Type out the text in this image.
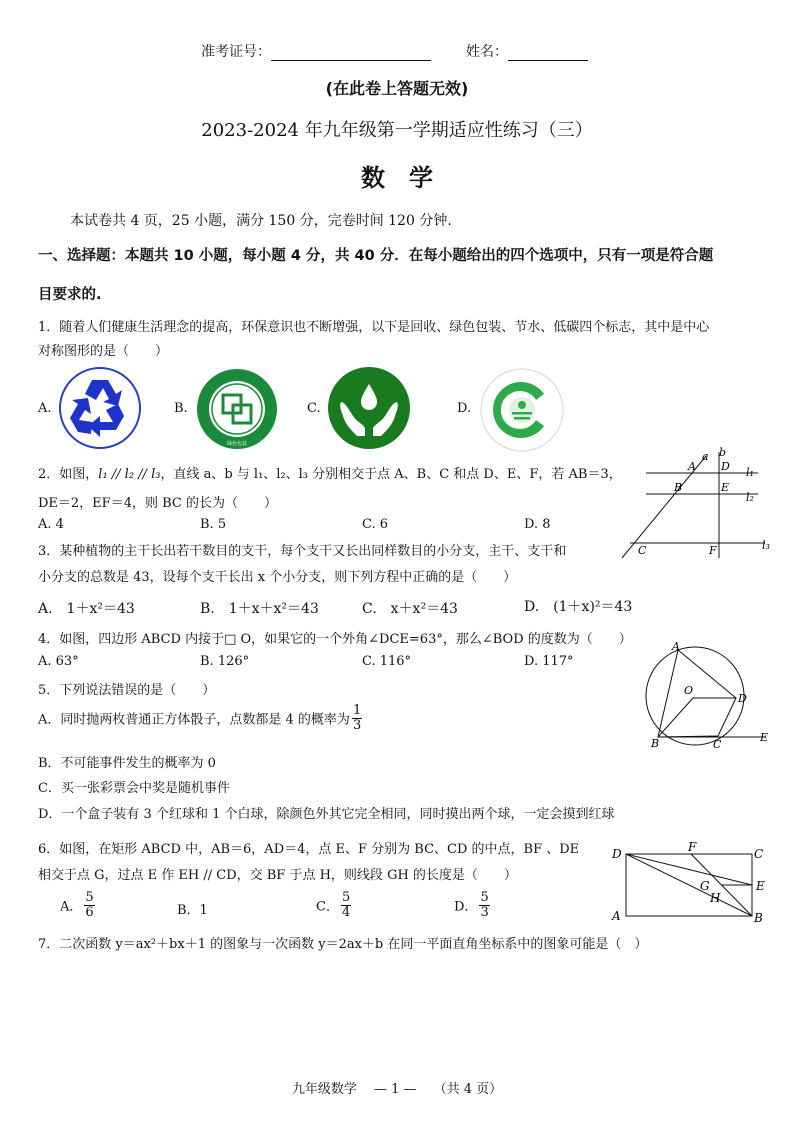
准考证号：	姓名：
(在此卷上答题无效)
2023-2024 年九年级第一学期适应性练习（三）
数　学
本试卷共 4 页，25 小题，满分 150 分，完卷时间 120 分钟.
一、选择题：本题共 10 小题，每小题 4 分，共 40 分．在每小题给出的四个选项中，只有一项是符合题
目要求的.
1．随着人们健康生活理念的提高，环保意识也不断增强，以下是回收、绿色包装、节水、低碳四个标志，其中是中心
对称图形的是（　　）
A.	B.
绿色包装
C.	D.
2．如图，l₁ // l₂ // l₃，直线 a、b 与 l₁、l₂、l₃ 分别相交于点 A、B、C 和点 D、E、F，若 AB＝3，
DE＝2，EF＝4，则 BC 的长为（　　）
A. 4	B. 5	C. 6	D. 8
a b
A D l₁
B	E
l₂
C	F	l₃
3．某种植物的主干长出若干数目的支干，每个支干又长出同样数目的小分支，主干、支干和
小分支的总数是 43，设每个支干长出 x 个小分支，则下列方程中正确的是（　　）
A.　1＋x²＝43	B.　1＋x＋x²＝43	C.　x＋x²＝43	D.　(1＋x)²＝43
4．如图，四边形 ABCD 内接于□ O，如果它的一个外角∠DCE=63°，那么∠BOD 的度数为（　　）
A. 63°	B. 126°	C. 116°	D. 117°
A
O
D
B	C
E
5．下列说法错误的是（　　）
A．同时抛两枚普通正方体骰子，点数都是 4 的概率为 $\frac{1}{3}$
B．不可能事件发生的概率为 0
C．买一张彩票会中奖是随机事件
D．一个盒子装有 3 个红球和 1 个白球，除颜色外其它完全相同，同时摸出两个球，一定会摸到红球
6．如图，在矩形 ABCD 中，AB＝6，AD＝4，点 E、F 分别为 BC、CD 的中点，BF 、DE
相交于点 G，过点 E 作 EH // CD，交 BF 于点 H，则线段 GH 的长度是（　　）
A． $\frac{5}{6}$	B．1	C． $\frac{5}{4}$	D． $\frac{5}{3}$
D	F	C
G	E
H
A	B
7．二次函数 y＝ax²＋bx＋1 的图象与一次函数 y＝2ax＋b 在同一平面直角坐标系中的图象可能是（　）
九年级数学　 — 1 —　 （共 4 页）
